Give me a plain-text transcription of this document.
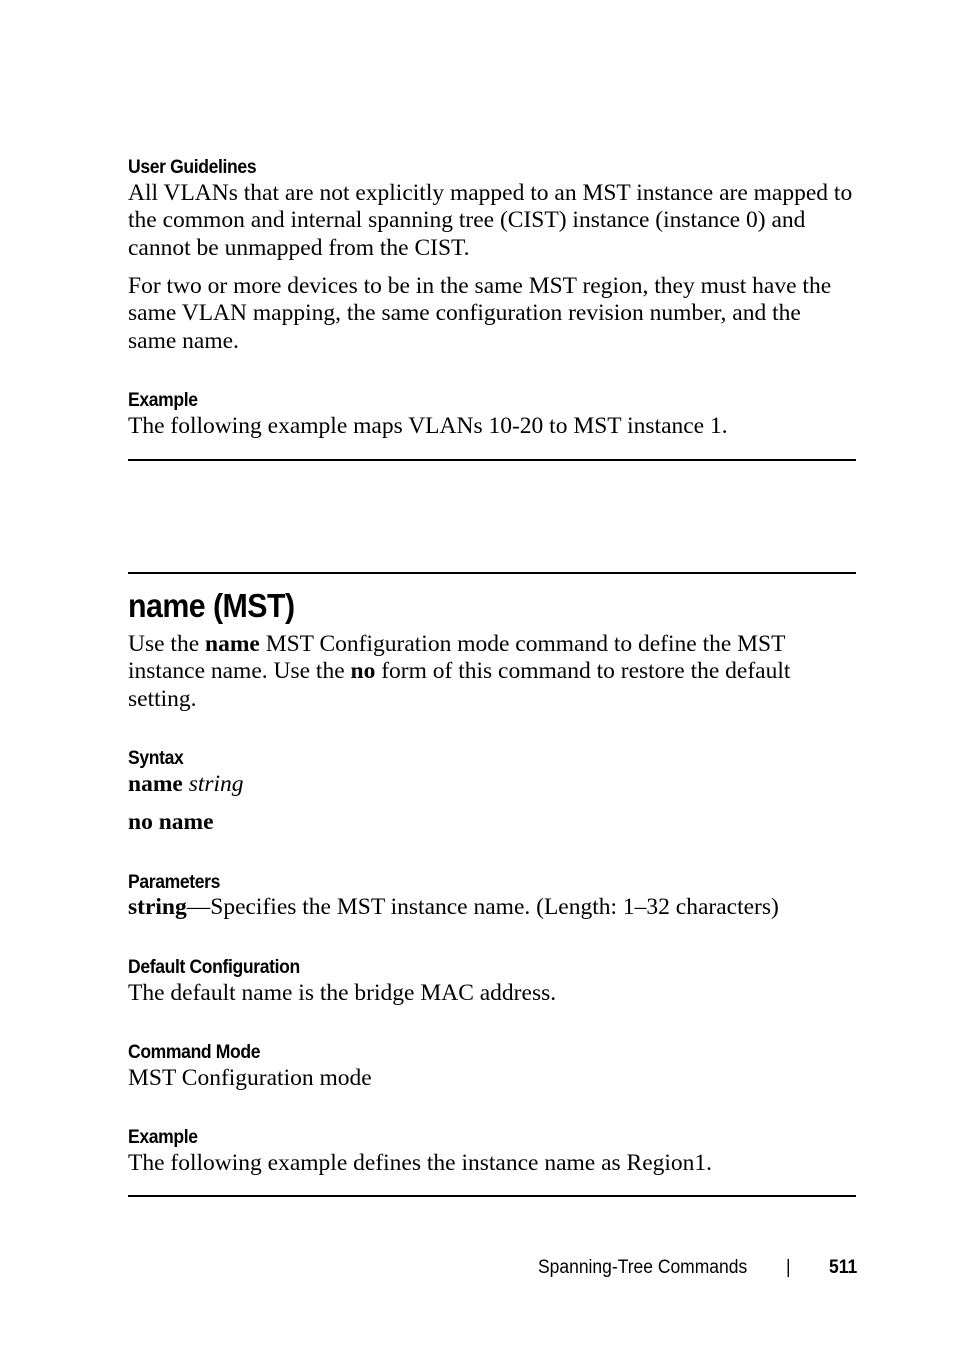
User Guidelines
All VLANs that are not explicitly mapped to an MST instance are mapped to the common and internal spanning tree (CIST) instance (instance 0) and cannot be unmapped from the CIST.
For two or more devices to be in the same MST region, they must have the same VLAN mapping, the same configuration revision number, and the same name.
Example
The following example maps VLANs 10-20 to MST instance 1.
name (MST)
Use the name MST Configuration mode command to define the MST instance name. Use the no form of this command to restore the default setting.
Syntax
name string
no name
Parameters
string—Specifies the MST instance name. (Length: 1–32 characters)
Default Configuration
The default name is the bridge MAC address.
Command Mode
MST Configuration mode
Example
The following example defines the instance name as Region1.
Spanning-Tree Commands | 511
